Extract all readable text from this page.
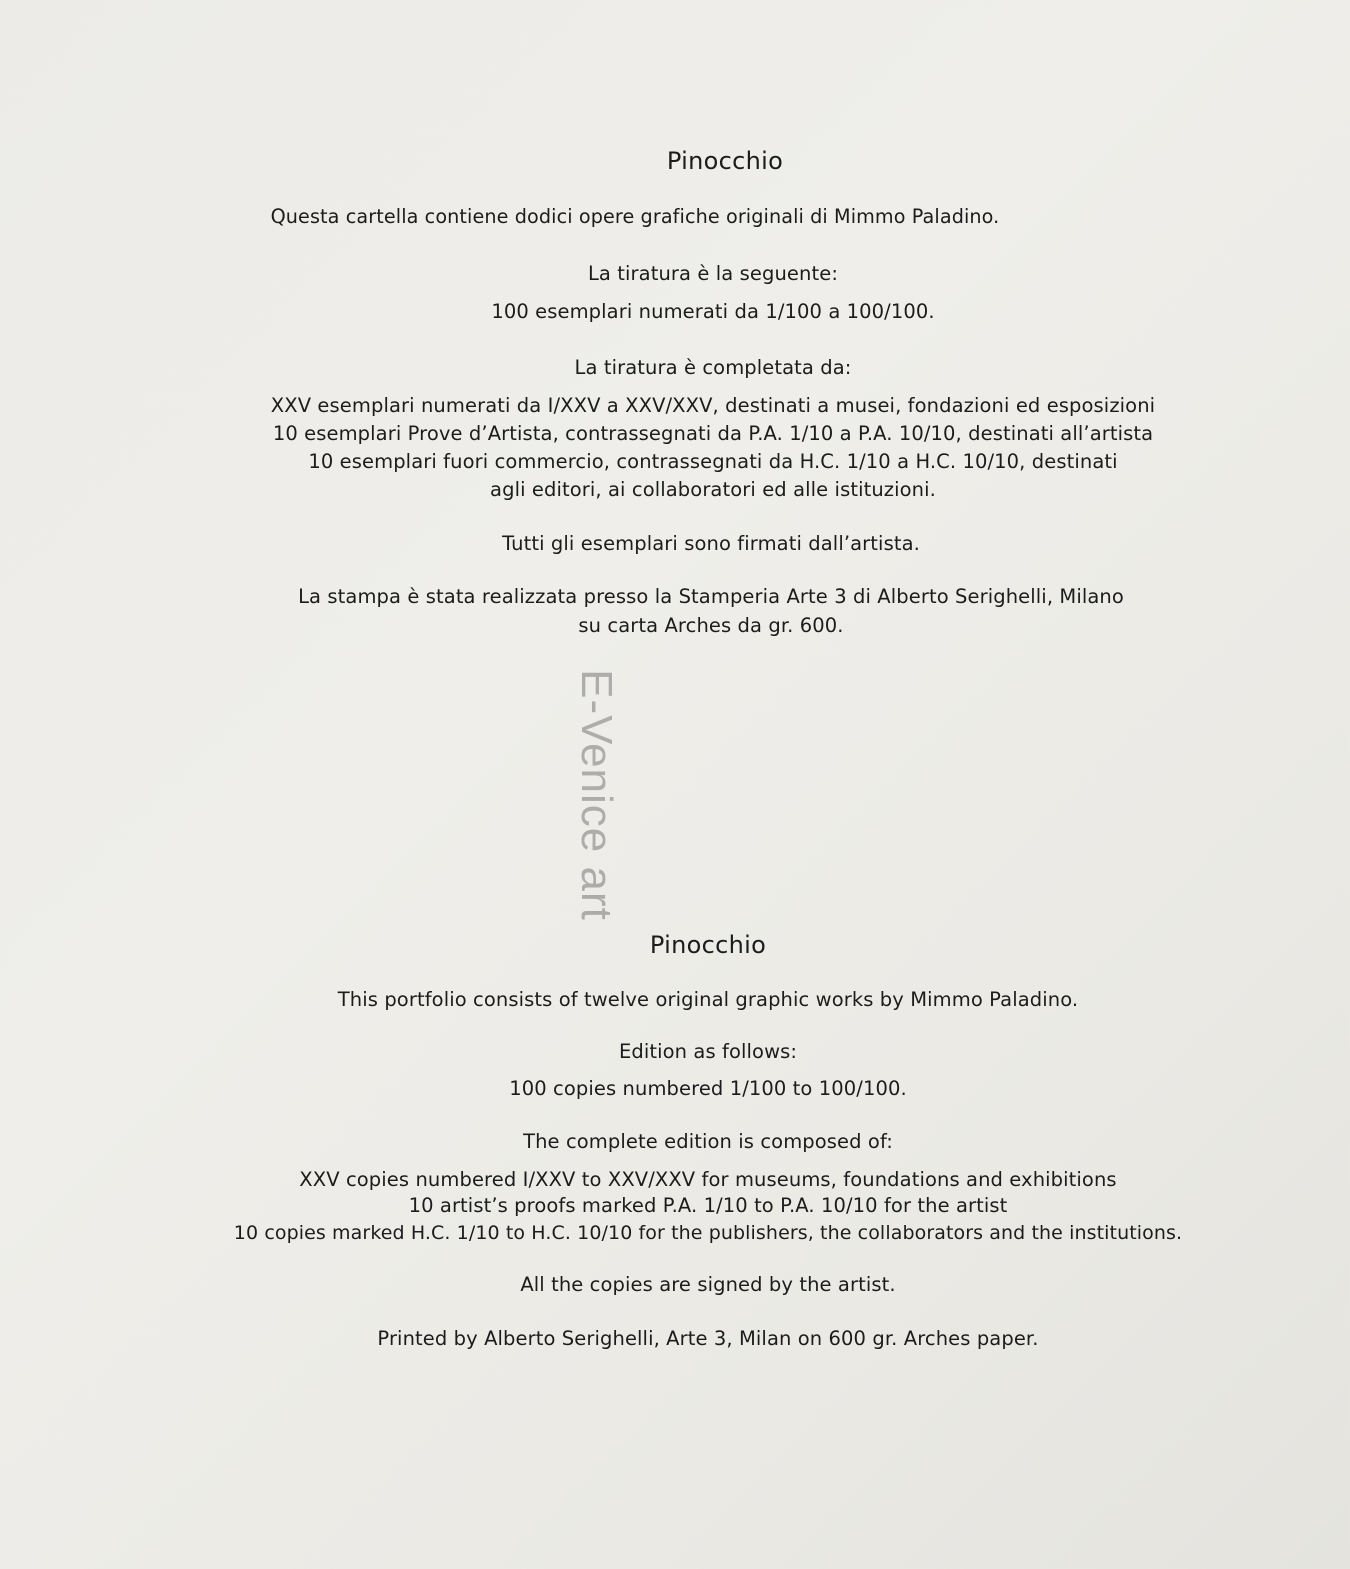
Pinocchio
Questa cartella contiene dodici opere grafiche originali di Mimmo Paladino.
La tiratura è la seguente:
100 esemplari numerati da 1/100 a 100/100.
La tiratura è completata da:
XXV esemplari numerati da I/XXV a XXV/XXV, destinati a musei, fondazioni ed esposizioni
10 esemplari Prove d’Artista, contrassegnati da P.A. 1/10 a P.A. 10/10, destinati all’artista
10 esemplari fuori commercio, contrassegnati da H.C. 1/10 a H.C. 10/10, destinati
agli editori, ai collaboratori ed alle istituzioni.
Tutti gli esemplari sono firmati dall’artista.
La stampa è stata realizzata presso la Stamperia Arte 3 di Alberto Serighelli, Milano
su carta Arches da gr. 600.
E-Venice art
Pinocchio
This portfolio consists of twelve original graphic works by Mimmo Paladino.
Edition as follows:
100 copies numbered 1/100 to 100/100.
The complete edition is composed of:
XXV copies numbered I/XXV to XXV/XXV for museums, foundations and exhibitions
10 artist’s proofs marked P.A. 1/10 to P.A. 10/10 for the artist
10 copies marked H.C. 1/10 to H.C. 10/10 for the publishers, the collaborators and the institutions.
All the copies are signed by the artist.
Printed by Alberto Serighelli, Arte 3, Milan on 600 gr. Arches paper.
